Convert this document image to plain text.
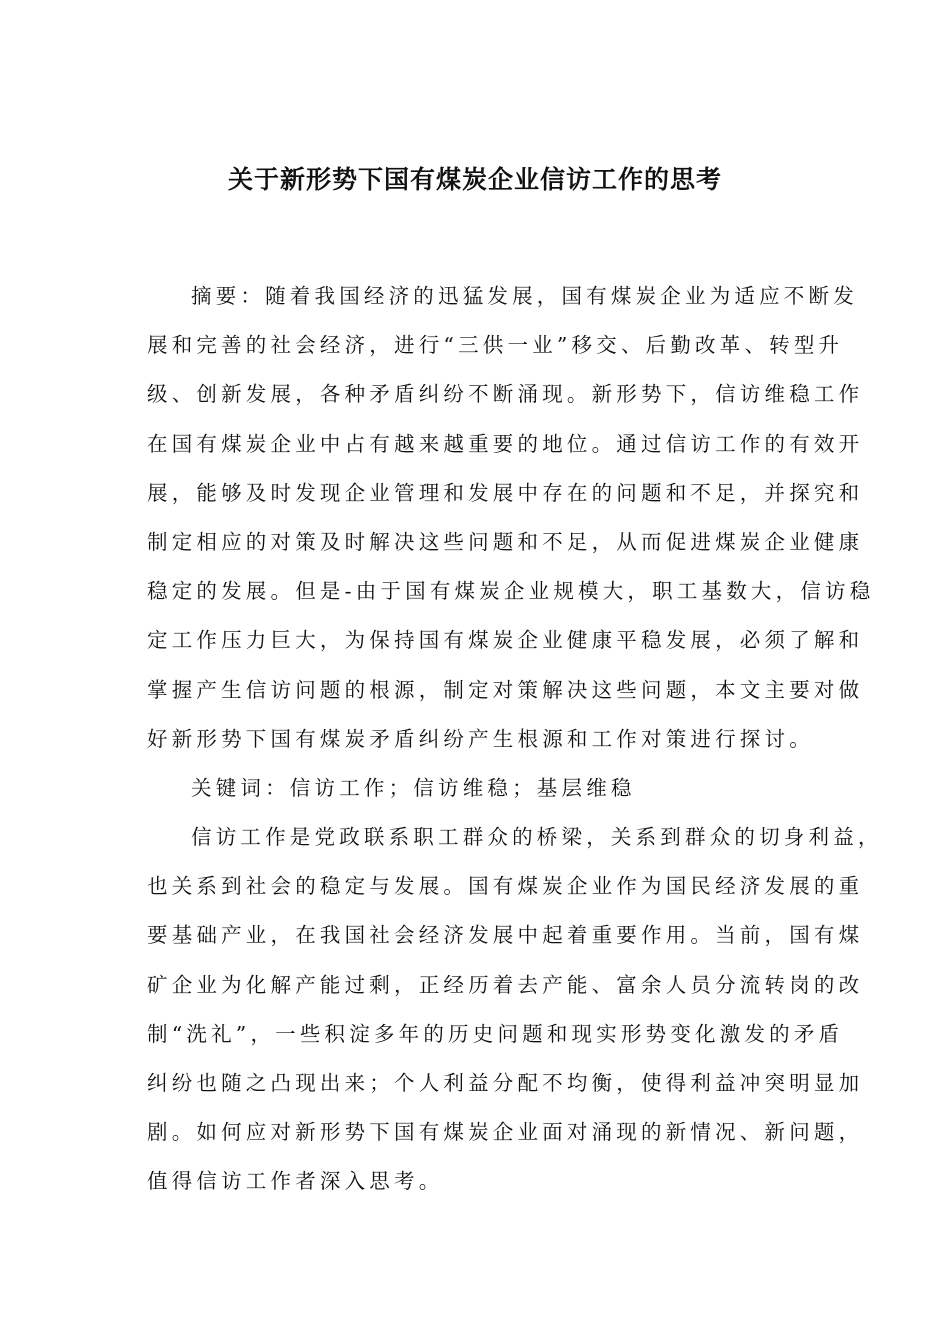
关于新形势下国有煤炭企业信访工作的思考
摘要：随着我国经济的迅猛发展，国有煤炭企业为适应不断发
展和完善的社会经济，进行“三供一业”移交、后勤改革、转型升
级、创新发展，各种矛盾纠纷不断涌现。新形势下，信访维稳工作
在国有煤炭企业中占有越来越重要的地位。通过信访工作的有效开
展，能够及时发现企业管理和发展中存在的问题和不足，并探究和
制定相应的对策及时解决这些问题和不足，从而促进煤炭企业健康
稳定的发展。但是-由于国有煤炭企业规模大，职工基数大，信访稳
定工作压力巨大，为保持国有煤炭企业健康平稳发展，必须了解和
掌握产生信访问题的根源，制定对策解决这些问题，本文主要对做
好新形势下国有煤炭矛盾纠纷产生根源和工作对策进行探讨。
关键词：信访工作；信访维稳；基层维稳
信访工作是党政联系职工群众的桥梁，关系到群众的切身利益，
也关系到社会的稳定与发展。国有煤炭企业作为国民经济发展的重
要基础产业，在我国社会经济发展中起着重要作用。当前，国有煤
矿企业为化解产能过剩，正经历着去产能、富余人员分流转岗的改
制“洗礼”，一些积淀多年的历史问题和现实形势变化激发的矛盾
纠纷也随之凸现出来；个人利益分配不均衡，使得利益冲突明显加
剧。如何应对新形势下国有煤炭企业面对涌现的新情况、新问题，
值得信访工作者深入思考。
